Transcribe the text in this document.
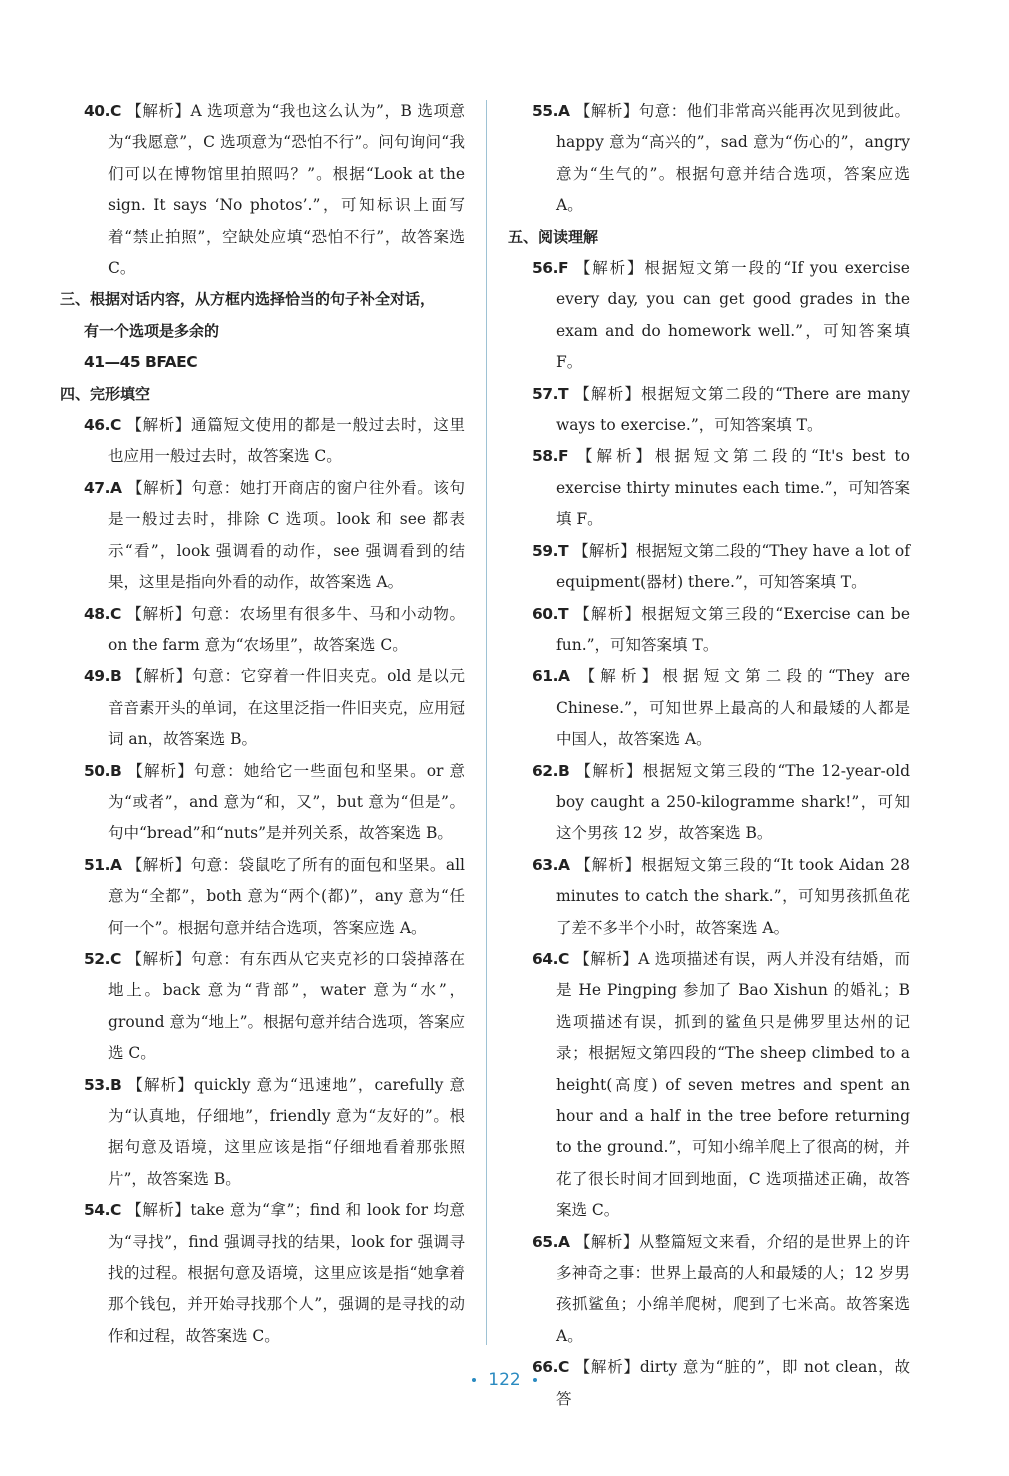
40.C 【解析】A 选项意为“我也这么认为”，B 选项意为“我愿意”，C 选项意为“恐怕不行”。问句询问“我们可以在博物馆里拍照吗？”。根据“Look at the sign. It says ‘No photos’.”，可知标识上面写着“禁止拍照”，空缺处应填“恐怕不行”，故答案选 C。
三、根据对话内容，从方框内选择恰当的句子补全对话，
有一个选项是多余的
41—45 BFAEC
四、完形填空
46.C 【解析】通篇短文使用的都是一般过去时，这里也应用一般过去时，故答案选 C。
47.A 【解析】句意：她打开商店的窗户往外看。该句是一般过去时，排除 C 选项。look 和 see 都表示“看”，look 强调看的动作，see 强调看到的结果，这里是指向外看的动作，故答案选 A。
48.C 【解析】句意：农场里有很多牛、马和小动物。on the farm 意为“农场里”，故答案选 C。
49.B 【解析】句意：它穿着一件旧夹克。old 是以元音音素开头的单词，在这里泛指一件旧夹克，应用冠词 an，故答案选 B。
50.B 【解析】句意：她给它一些面包和坚果。or 意为“或者”，and 意为“和，又”，but 意为“但是”。句中“bread”和“nuts”是并列关系，故答案选 B。
51.A 【解析】句意：袋鼠吃了所有的面包和坚果。all 意为“全都”，both 意为“两个(都)”，any 意为“任何一个”。根据句意并结合选项，答案应选 A。
52.C 【解析】句意：有东西从它夹克衫的口袋掉落在地上。back 意为“背部”，water 意为“水”，ground 意为“地上”。根据句意并结合选项，答案应选 C。
53.B 【解析】quickly 意为“迅速地”，carefully 意为“认真地，仔细地”，friendly 意为“友好的”。根据句意及语境，这里应该是指“仔细地看着那张照片”，故答案选 B。
54.C 【解析】take 意为“拿”；find 和 look for 均意为“寻找”，find 强调寻找的结果，look for 强调寻找的过程。根据句意及语境，这里应该是指“她拿着那个钱包，并开始寻找那个人”，强调的是寻找的动作和过程，故答案选 C。
55.A 【解析】句意：他们非常高兴能再次见到彼此。happy 意为“高兴的”，sad 意为“伤心的”，angry 意为“生气的”。根据句意并结合选项，答案应选 A。
五、阅读理解
56.F 【解析】根据短文第一段的“If you exercise every day, you can get good grades in the exam and do homework well.”，可知答案填 F。
57.T 【解析】根据短文第二段的“There are many ways to exercise.”，可知答案填 T。
58.F 【解析】根据短文第二段的“It's best to exercise thirty minutes each time.”，可知答案填 F。
59.T 【解析】根据短文第二段的“They have a lot of equipment(器材) there.”，可知答案填 T。
60.T 【解析】根据短文第三段的“Exercise can be fun.”，可知答案填 T。
61.A 【解析】根据短文第二段的“They are Chinese.”，可知世界上最高的人和最矮的人都是中国人，故答案选 A。
62.B 【解析】根据短文第三段的“The 12-year-old boy caught a 250-kilogramme shark!”，可知这个男孩 12 岁，故答案选 B。
63.A 【解析】根据短文第三段的“It took Aidan 28 minutes to catch the shark.”，可知男孩抓鱼花了差不多半个小时，故答案选 A。
64.C 【解析】A 选项描述有误，两人并没有结婚，而是 He Pingping 参加了 Bao Xishun 的婚礼；B 选项描述有误，抓到的鲨鱼只是佛罗里达州的记录；根据短文第四段的“The sheep climbed to a height(高度) of seven metres and spent an hour and a half in the tree before returning to the ground.”，可知小绵羊爬上了很高的树，并花了很长时间才回到地面，C 选项描述正确，故答案选 C。
65.A 【解析】从整篇短文来看，介绍的是世界上的许多神奇之事：世界上最高的人和最矮的人；12 岁男孩抓鲨鱼；小绵羊爬树，爬到了七米高。故答案选 A。
66.C 【解析】dirty 意为“脏的”，即 not clean，故答
122
